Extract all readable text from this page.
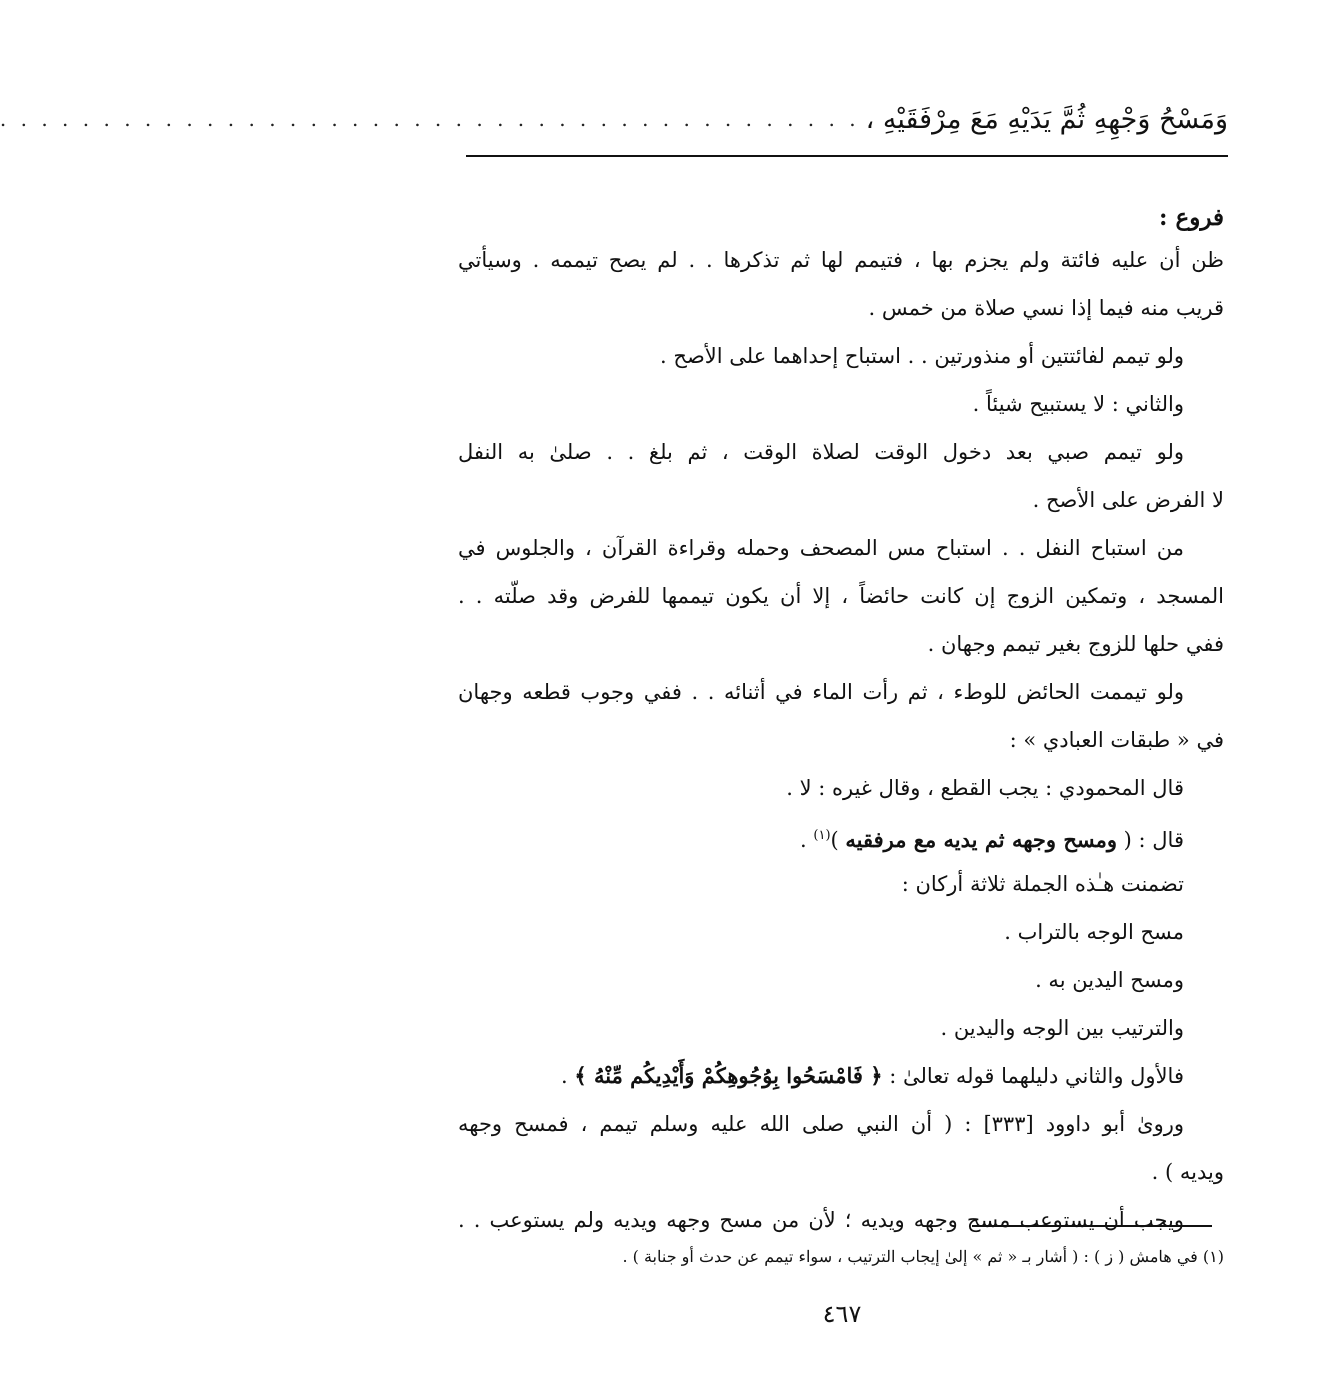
وَمَسْحُ وَجْهِهِ ثُمَّ يَدَيْهِ مَعَ مِرْفَقَيْهِ ،
. . . . . . . . . . . . . . . . . . . . . . . . . . . . . . . . . . . . . . . . . .
فروع :
ظن أن عليه فائتة ولم يجزم بها ، فتيمم لها ثم تذكرها . . لم يصح تيممه . وسيأتي
قريب منه فيما إذا نسي صلاة من خمس .
ولو تيمم لفائتتين أو منذورتين . . استباح إحداهما على الأصح .
والثاني : لا يستبيح شيئاً .
ولو تيمم صبي بعد دخول الوقت لصلاة الوقت ، ثم بلغ . . صلىٰ به النفل
لا الفرض على الأصح .
من استباح النفل . . استباح مس المصحف وحمله وقراءة القرآن ، والجلوس في
المسجد ، وتمكين الزوج إن كانت حائضاً ، إلا أن يكون تيممها للفرض وقد صلّته . .
ففي حلها للزوج بغير تيمم وجهان .
ولو تيممت الحائض للوطء ، ثم رأت الماء في أثنائه . . ففي وجوب قطعه وجهان
في « طبقات العبادي » :
قال المحمودي : يجب القطع ، وقال غيره : لا .
قال : ( ومسح وجهه ثم يديه مع مرفقيه )$^{(١)}$ .
تضمنت هـٰذه الجملة ثلاثة أركان :
مسح الوجه بالتراب .
ومسح اليدين به .
والترتيب بين الوجه واليدين .
فالأول والثاني دليلهما قوله تعالىٰ : ﴿ فَامْسَحُوا بِوُجُوهِكُمْ وَأَيْدِيكُم مِّنْهُ ﴾ .
ورویٰ أبو داوود [٣٣٣] : ( أن النبي صلى الله عليه وسلم تيمم ، فمسح وجهه
ويديه ) .
ويجب أن يستوعب مسح وجهه ويديه ؛ لأن من مسح وجهه ويديه ولم يستوعب . .
(١) في هامش ( ز ) : ( أشار بـ « ثم » إلىٰ إيجاب الترتيب ، سواء تيمم عن حدث أو جنابة ) .
٤٦٧
